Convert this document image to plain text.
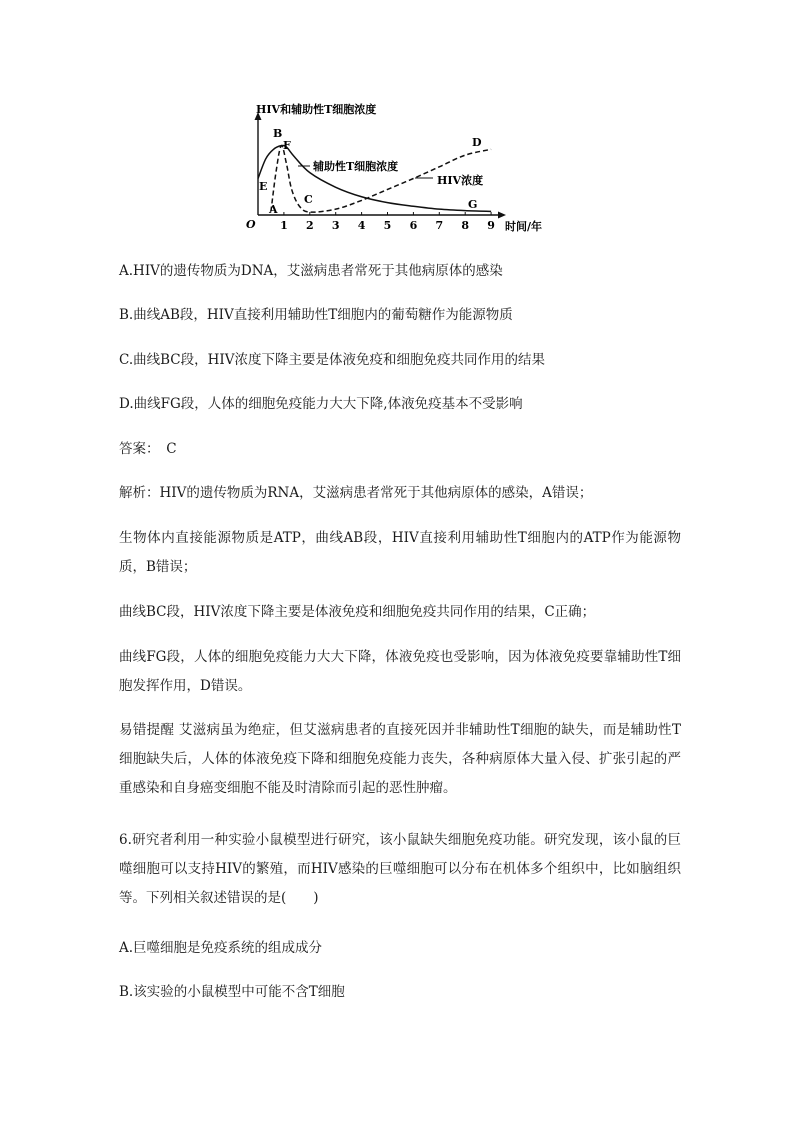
HIV和辅助性T细胞浓度
时间/年
O 1 2 3 4 5 6 7 8 9
A
B
C
D
E
F
G
辅助性T细胞浓度
HIV浓度
A.HIV的遗传物质为DNA，艾滋病患者常死于其他病原体的感染
B.曲线AB段，HIV直接利用辅助性T细胞内的葡萄糖作为能源物质
C.曲线BC段，HIV浓度下降主要是体液免疫和细胞免疫共同作用的结果
D.曲线FG段，人体的细胞免疫能力大大下降,体液免疫基本不受影响
答案：　C
解析：HIV的遗传物质为RNA，艾滋病患者常死于其他病原体的感染，A错误；
生物体内直接能源物质是ATP，曲线AB段，HIV直接利用辅助性T细胞内的ATP作为能源物质，B错误；
曲线BC段，HIV浓度下降主要是体液免疫和细胞免疫共同作用的结果，C正确；
曲线FG段，人体的细胞免疫能力大大下降，体液免疫也受影响，因为体液免疫要靠辅助性T细胞发挥作用，D错误。
易错提醒 艾滋病虽为绝症，但艾滋病患者的直接死因并非辅助性T细胞的缺失，而是辅助性T细胞缺失后，人体的体液免疫下降和细胞免疫能力丧失，各种病原体大量入侵、扩张引起的严重感染和自身癌变细胞不能及时清除而引起的恶性肿瘤。
6.研究者利用一种实验小鼠模型进行研究，该小鼠缺失细胞免疫功能。研究发现，该小鼠的巨噬细胞可以支持HIV的繁殖，而HIV感染的巨噬细胞可以分布在机体多个组织中，比如脑组织等。下列相关叙述错误的是(　　)
A.巨噬细胞是免疫系统的组成成分
B.该实验的小鼠模型中可能不含T细胞
